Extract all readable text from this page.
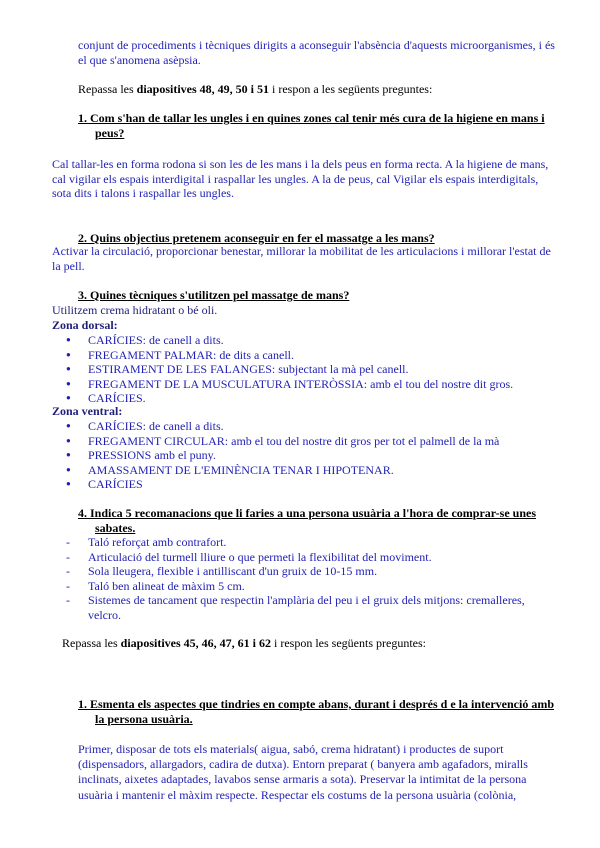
conjunt de procediments i tècniques dirigits a aconseguir l'absència d'aquests microorganismes, i és
el que s'anomena asèpsia.
Repassa les diapositives 48, 49, 50 i 51 i respon a les següents preguntes:
1. Com s'han de tallar les ungles i en quines zones cal tenir més cura de la higiene en mans i
peus?
Cal tallar-les en forma rodona si son les de les mans i la dels peus en forma recta. A la higiene de mans,
cal vigilar els espais interdigital i raspallar les ungles. A la de peus, cal Vigilar els espais interdigitals,
sota dits i talons i raspallar les ungles.
2. Quins objectius pretenem aconseguir en fer el massatge a les mans?
Activar la circulació, proporcionar benestar, millorar la mobilitat de les articulacions i millorar l'estat de
la pell.
3. Quines tècniques s'utilitzen pel massatge de mans?
Utilitzem crema hidratant o bé oli.
Zona dorsal:
● CARÍCIES: de canell a dits.
● FREGAMENT PALMAR: de dits a canell.
● ESTIRAMENT DE LES FALANGES: subjectant la mà pel canell.
● FREGAMENT DE LA MUSCULATURA INTERÒSSIA: amb el tou del nostre dit gros.
● CARÍCIES.
Zona ventral:
● CARÍCIES: de canell a dits.
● FREGAMENT CIRCULAR: amb el tou del nostre dit gros per tot el palmell de la mà
● PRESSIONS amb el puny.
● AMASSAMENT DE L'EMINÈNCIA TENAR I HIPOTENAR.
● CARÍCIES
4. Indica 5 recomanacions que li faries a una persona usuària a l'hora de comprar-se unes
sabates.
- Taló reforçat amb contrafort.
- Articulació del turmell lliure o que permeti la flexibilitat del moviment.
- Sola lleugera, flexible i antilliscant d'un gruix de 10-15 mm.
- Taló ben alineat de màxim 5 cm.
- Sistemes de tancament que respectin l'amplària del peu i el gruix dels mitjons: cremalleres,
velcro.
Repassa les diapositives 45, 46, 47, 61 i 62 i respon les següents preguntes:
1. Esmenta els aspectes que tindries en compte abans, durant i després d e la intervenció amb
la persona usuària.
Primer, disposar de tots els materials( aigua, sabó, crema hidratant) i productes de suport
(dispensadors, allargadors, cadira de dutxa). Entorn preparat ( banyera amb agafadors, miralls
inclinats, aixetes adaptades, lavabos sense armaris a sota). Preservar la intimitat de la persona
usuària i mantenir el màxim respecte. Respectar els costums de la persona usuària (colònia,
